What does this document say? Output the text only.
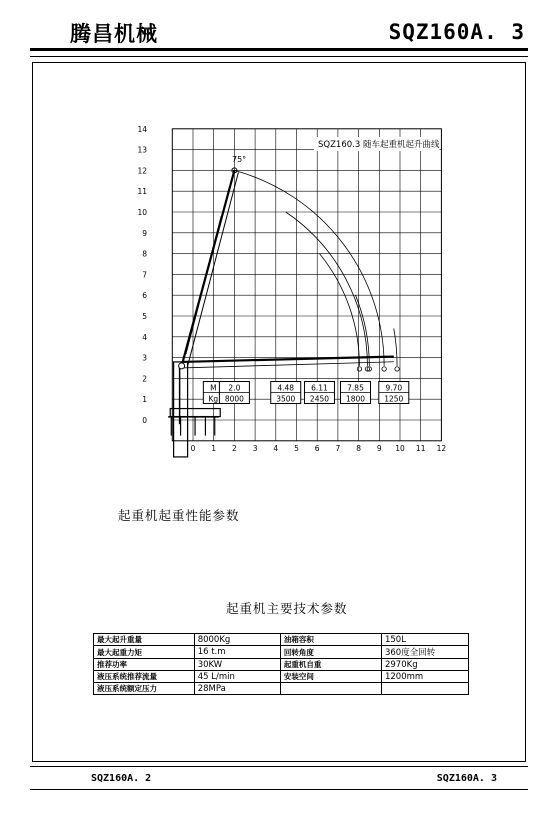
腾昌机械	SQZ160A. 3
0 1 2 3 4 5 6 7 8 9 10 11 12
0
1
2
3
4
5
6
7
8
9
10
11
12
13
14
M
Kg
2.0
8000
4.48
3500
6.11
2450
7.85
1800
9.70
1250
SQZ160.3 随车起重机起升曲线
75°
起重机起重性能参数
起重机主要技术参数
最大起升重量	8000Kg	油箱容积	150L
最大起重力矩	16 t.m	回转角度	360度全回转
推荐功率	30KW	起重机自重	2970Kg
液压系统推荐流量	45 L/min	安装空间	1200mm
液压系统额定压力	28MPa		
SQZ160A. 2	SQZ160A. 3
